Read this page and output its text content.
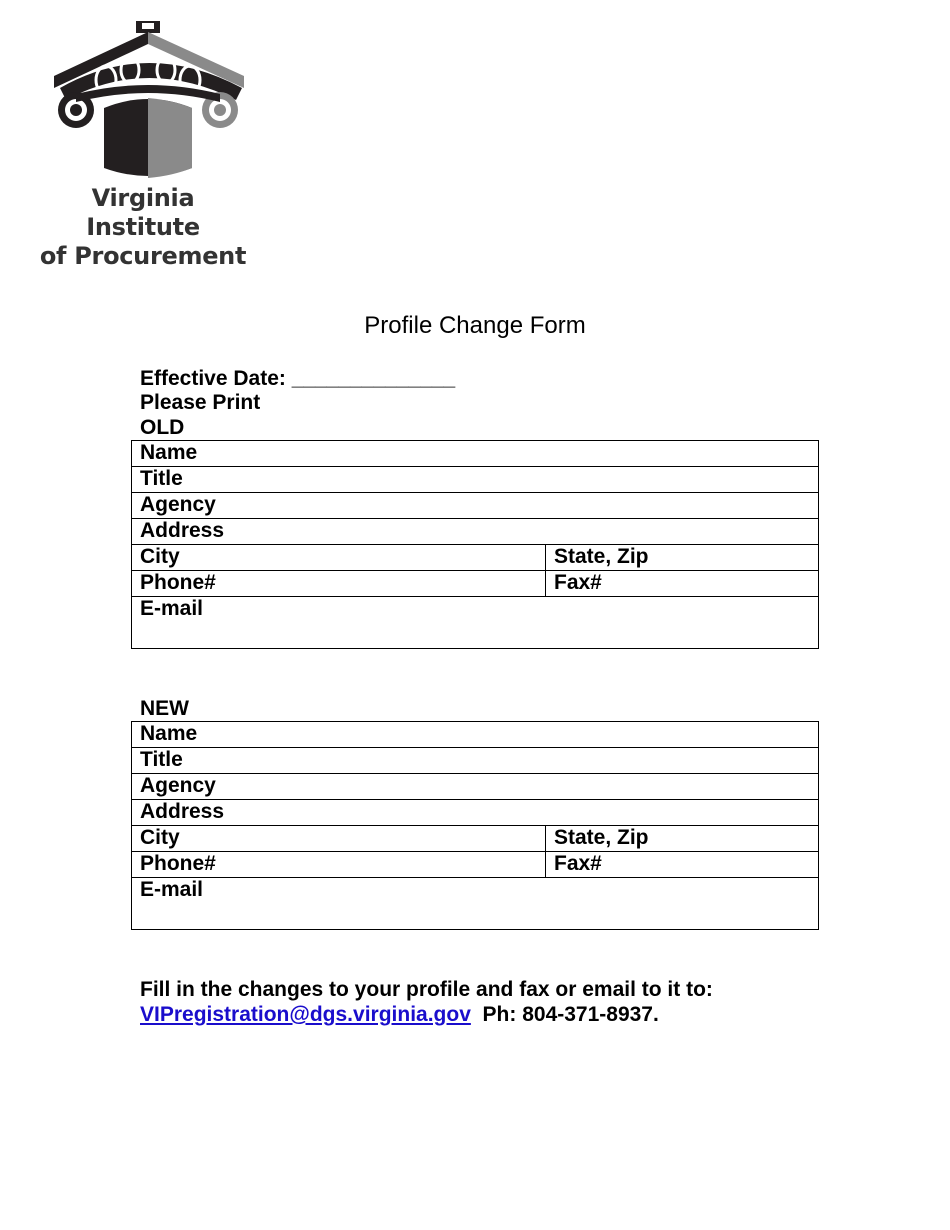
Virginia Institute
of Procurement
Profile Change Form
Effective Date: ______________
Please Print
OLD
Name
Title
Agency
Address
City	State, Zip
Phone#	Fax#
E-mail
NEW
Name
Title
Agency
Address
City	State, Zip
Phone#	Fax#
E-mail
Fill in the changes to your profile and fax or email to it to:
VIPregistration@dgs.virginia.gov Ph: 804-371-8937.
